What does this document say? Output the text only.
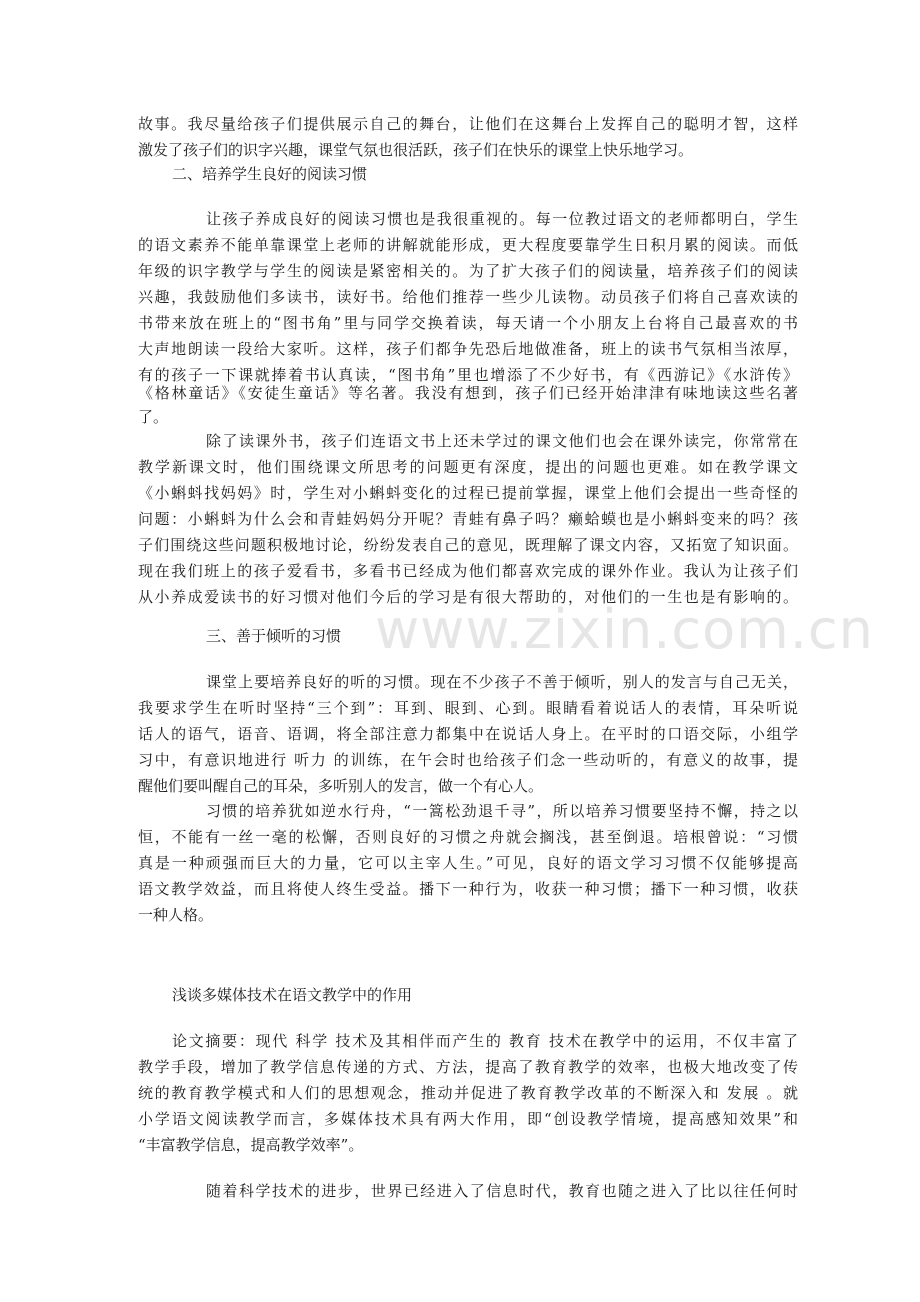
www.zixin.com.cn
故事。我尽量给孩子们提供展示自己的舞台，让他们在这舞台上发挥自己的聪明才智，这样
激发了孩子们的识字兴趣，课堂气氛也很活跃，孩子们在快乐的课堂上快乐地学习。
二、培养学生良好的阅读习惯
让孩子养成良好的阅读习惯也是我很重视的。每一位教过语文的老师都明白，学生
的语文素养不能单靠课堂上老师的讲解就能形成，更大程度要靠学生日积月累的阅读。而低
年级的识字教学与学生的阅读是紧密相关的。为了扩大孩子们的阅读量，培养孩子们的阅读
兴趣，我鼓励他们多读书，读好书。给他们推荐一些少儿读物。动员孩子们将自己喜欢读的
书带来放在班上的“图书角”里与同学交换着读，每天请一个小朋友上台将自己最喜欢的书
大声地朗读一段给大家听。这样，孩子们都争先恐后地做准备，班上的读书气氛相当浓厚，
有的孩子一下课就捧着书认真读，“图书角”里也增添了不少好书，有《西游记》《水浒传》
《格林童话》《安徒生童话》等名著。我没有想到，孩子们已经开始津津有味地读这些名著
了。
除了读课外书，孩子们连语文书上还未学过的课文他们也会在课外读完，你常常在
教学新课文时，他们围绕课文所思考的问题更有深度，提出的问题也更难。如在教学课文
《小蝌蚪找妈妈》时，学生对小蝌蚪变化的过程已提前掌握，课堂上他们会提出一些奇怪的
问题：小蝌蚪为什么会和青蛙妈妈分开呢？青蛙有鼻子吗？癞蛤蟆也是小蝌蚪变来的吗？孩
子们围绕这些问题积极地讨论，纷纷发表自己的意见，既理解了课文内容，又拓宽了知识面。
现在我们班上的孩子爱看书，多看书已经成为他们都喜欢完成的课外作业。我认为让孩子们
从小养成爱读书的好习惯对他们今后的学习是有很大帮助的，对他们的一生也是有影响的。
三、善于倾听的习惯
课堂上要培养良好的听的习惯。现在不少孩子不善于倾听，别人的发言与自己无关，
我要求学生在听时坚持“三个到”：耳到、眼到、心到。眼睛看着说话人的表情，耳朵听说
话人的语气，语音、语调，将全部注意力都集中在说话人身上。在平时的口语交际，小组学
习中，有意识地进行 听力 的训练，在午会时也给孩子们念一些动听的，有意义的故事，提
醒他们要叫醒自己的耳朵，多听别人的发言，做一个有心人。
习惯的培养犹如逆水行舟，“一篙松劲退千寻”，所以培养习惯要坚持不懈，持之以
恒，不能有一丝一毫的松懈，否则良好的习惯之舟就会搁浅，甚至倒退。培根曾说：“习惯
真是一种顽强而巨大的力量，它可以主宰人生。”可见，良好的语文学习习惯不仅能够提高
语文教学效益，而且将使人终生受益。播下一种行为，收获一种习惯；播下一种习惯，收获
一种人格。
浅谈多媒体技术在语文教学中的作用
论文摘要：现代 科学 技术及其相伴而产生的 教育 技术在教学中的运用，不仅丰富了
教学手段，增加了教学信息传递的方式、方法，提高了教育教学的效率，也极大地改变了传
统的教育教学模式和人们的思想观念，推动并促进了教育教学改革的不断深入和 发展 。就
小学语文阅读教学而言，多媒体技术具有两大作用，即“创设教学情境，提高感知效果”和
“丰富教学信息，提高教学效率”。
随着科学技术的进步，世界已经进入了信息时代，教育也随之进入了比以往任何时
